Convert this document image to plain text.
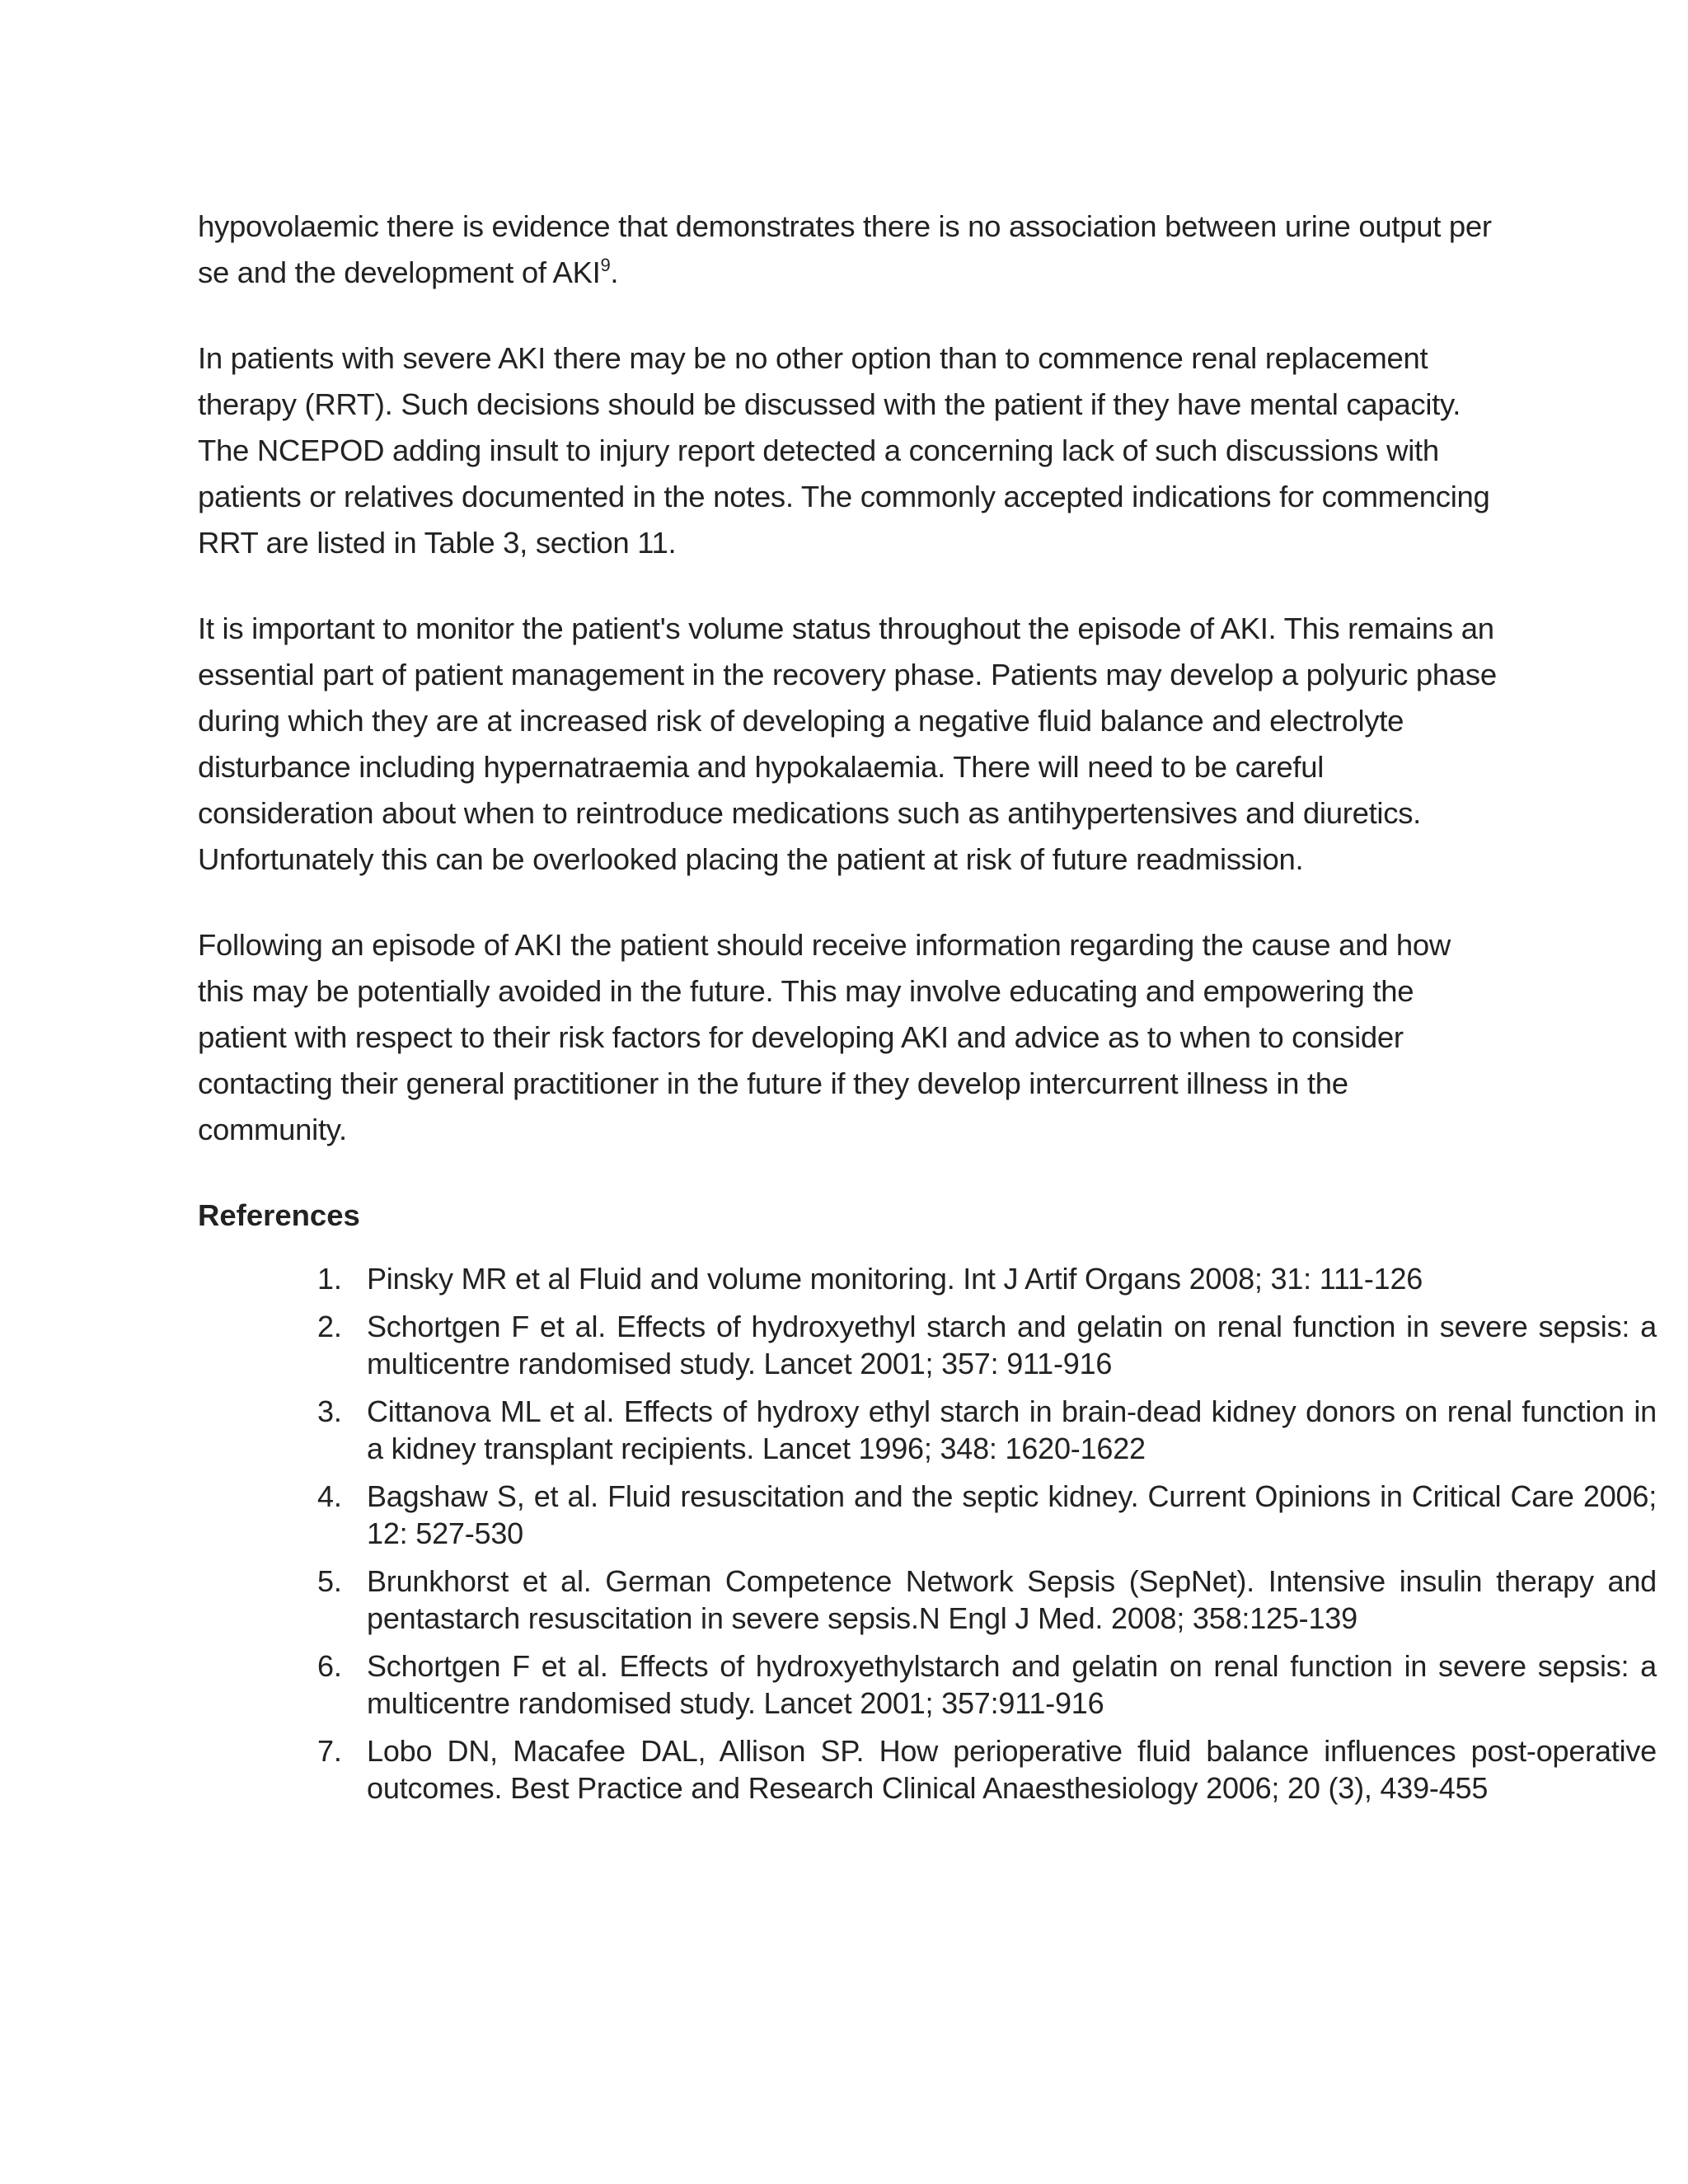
hypovolaemic there is evidence that demonstrates there is no association between urine output per se and the development of AKI$^9$.

In patients with severe AKI there may be no other option than to commence renal replacement therapy (RRT). Such decisions should be discussed with the patient if they have mental capacity. The NCEPOD adding insult to injury report detected a concerning lack of such discussions with patients or relatives documented in the notes. The commonly accepted indications for commencing RRT are listed in Table 3, section 11.

It is important to monitor the patient's volume status throughout the episode of AKI. This remains an essential part of patient management in the recovery phase. Patients may develop a polyuric phase during which they are at increased risk of developing a negative fluid balance and electrolyte disturbance including hypernatraemia and hypokalaemia. There will need to be careful consideration about when to reintroduce medications such as antihypertensives and diuretics. Unfortunately this can be overlooked placing the patient at risk of future readmission.

Following an episode of AKI the patient should receive information regarding the cause and how this may be potentially avoided in the future. This may involve educating and empowering the patient with respect to their risk factors for developing AKI and advice as to when to consider contacting their general practitioner in the future if they develop intercurrent illness in the community.

References
1. Pinsky MR et al Fluid and volume monitoring. Int J Artif Organs 2008; 31: 111-126
2. Schortgen F et al. Effects of hydroxyethyl starch and gelatin on renal function in severe sepsis: a multicentre randomised study. Lancet 2001; 357: 911-916
3. Cittanova ML et al. Effects of hydroxy ethyl starch in brain-dead kidney donors on renal function in a kidney transplant recipients. Lancet 1996; 348: 1620-1622
4. Bagshaw S, et al. Fluid resuscitation and the septic kidney. Current Opinions in Critical Care 2006; 12: 527-530
5. Brunkhorst et al. German Competence Network Sepsis (SepNet). Intensive insulin therapy and pentastarch resuscitation in severe sepsis.N Engl J Med. 2008; 358:125-139
6. Schortgen F et al. Effects of hydroxyethylstarch and gelatin on renal function in severe sepsis: a multicentre randomised study. Lancet 2001; 357:911-916
7. Lobo DN, Macafee DAL, Allison SP. How perioperative fluid balance influences post-operative outcomes. Best Practice and Research Clinical Anaesthesiology 2006; 20 (3), 439-455
